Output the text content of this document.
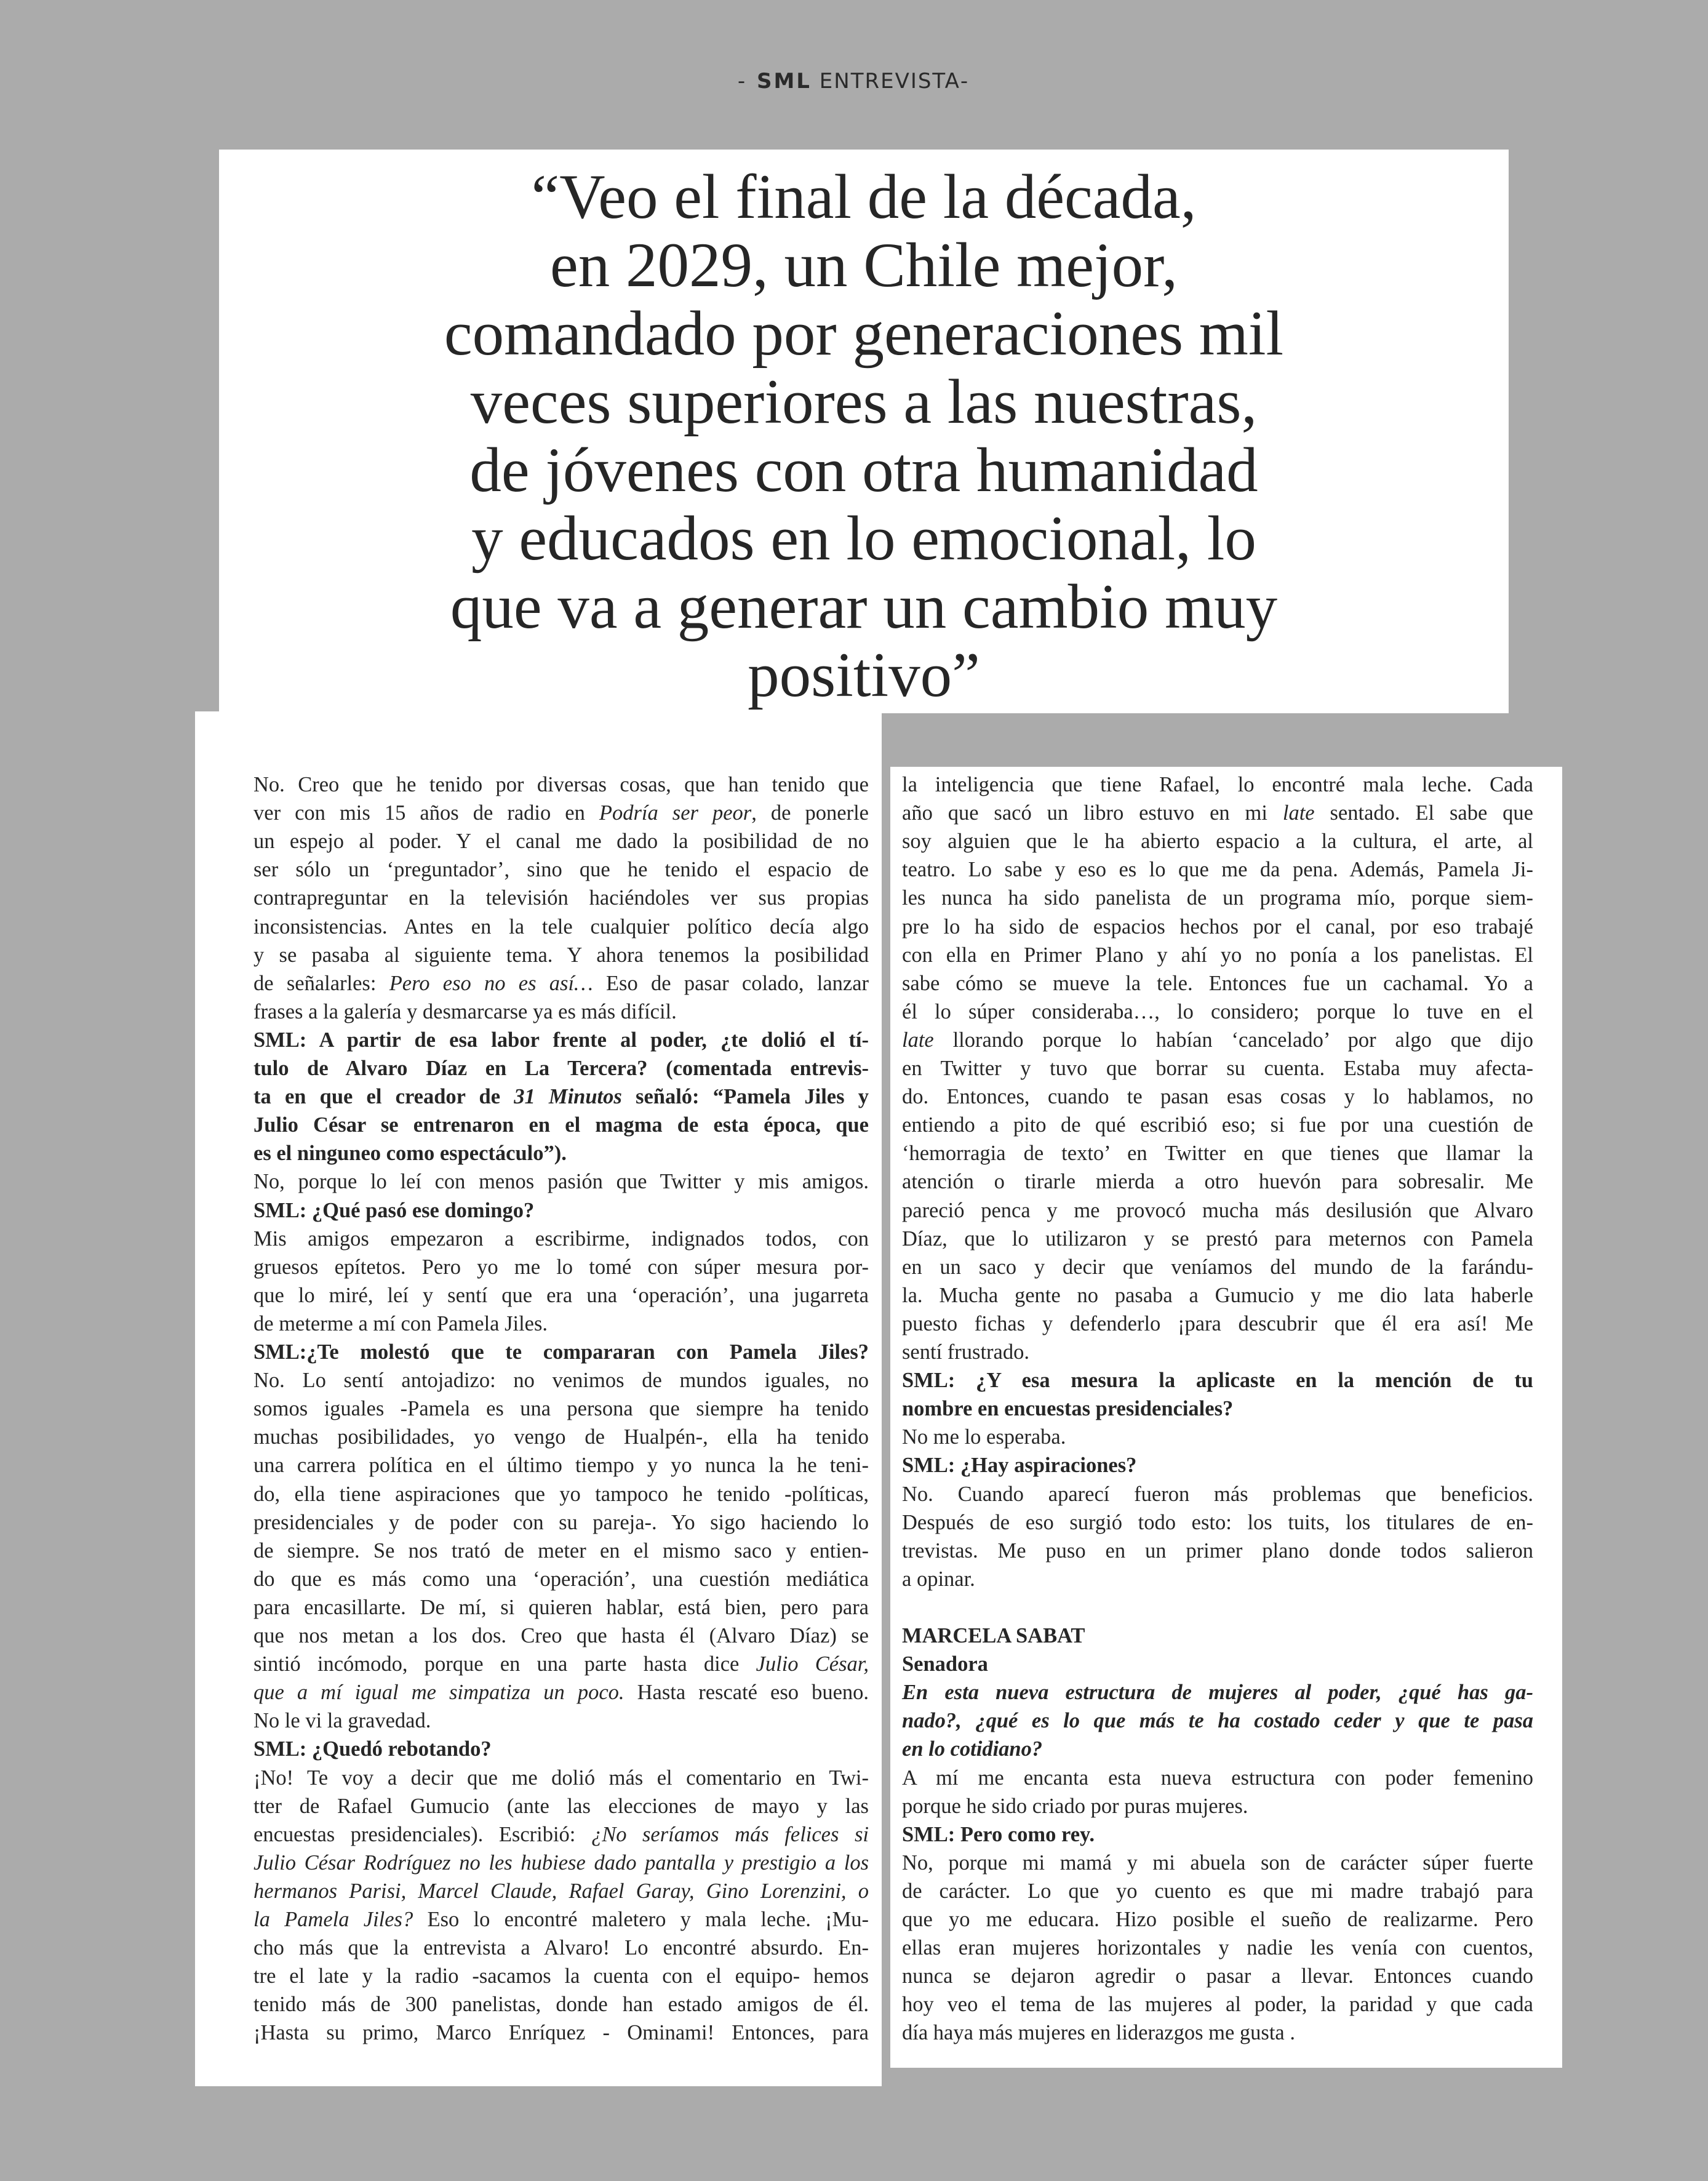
- SML ENTREVISTA-
“Veo el final de la década,
en 2029, un Chile mejor,
comandado por generaciones mil
veces superiores a las nuestras,
de jóvenes con otra humanidad
y educados en lo emocional, lo
que va a generar un cambio muy
positivo”
No. Creo que he tenido por diversas cosas, que han tenido que
ver con mis 15 años de radio en Podría ser peor, de ponerle
un espejo al poder. Y el canal me dado la posibilidad de no
ser sólo un ‘preguntador’, sino que he tenido el espacio de
contrapreguntar en la televisión haciéndoles ver sus propias
inconsistencias. Antes en la tele cualquier político decía algo
y se pasaba al siguiente tema. Y ahora tenemos la posibilidad
de señalarles: Pero eso no es así… Eso de pasar colado, lanzar
frases a la galería y desmarcarse ya es más difícil.
SML: A partir de esa labor frente al poder, ¿te dolió el tí-
tulo de Alvaro Díaz en La Tercera? (comentada entrevis-
ta en que el creador de 31 Minutos señaló: “Pamela Jiles y
Julio César se entrenaron en el magma de esta época, que
es el ninguneo como espectáculo”).
No, porque lo leí con menos pasión que Twitter y mis amigos.
SML: ¿Qué pasó ese domingo?
Mis amigos empezaron a escribirme, indignados todos, con
gruesos epítetos. Pero yo me lo tomé con súper mesura por-
que lo miré, leí y sentí que era una ‘operación’, una jugarreta
de meterme a mí con Pamela Jiles.
SML:¿Te molestó que te compararan con Pamela Jiles?
No. Lo sentí antojadizo: no venimos de mundos iguales, no
somos iguales -Pamela es una persona que siempre ha tenido
muchas posibilidades, yo vengo de Hualpén-, ella ha tenido
una carrera política en el último tiempo y yo nunca la he teni-
do, ella tiene aspiraciones que yo tampoco he tenido -políticas,
presidenciales y de poder con su pareja-. Yo sigo haciendo lo
de siempre. Se nos trató de meter en el mismo saco y entien-
do que es más como una ‘operación’, una cuestión mediática
para encasillarte. De mí, si quieren hablar, está bien, pero para
que nos metan a los dos. Creo que hasta él (Alvaro Díaz) se
sintió incómodo, porque en una parte hasta dice Julio César,
que a mí igual me simpatiza un poco. Hasta rescaté eso bueno.
No le vi la gravedad.
SML: ¿Quedó rebotando?
¡No! Te voy a decir que me dolió más el comentario en Twi-
tter de Rafael Gumucio (ante las elecciones de mayo y las
encuestas presidenciales). Escribió: ¿No seríamos más felices si
Julio César Rodríguez no les hubiese dado pantalla y prestigio a los
hermanos Parisi, Marcel Claude, Rafael Garay, Gino Lorenzini, o
la Pamela Jiles? Eso lo encontré maletero y mala leche. ¡Mu-
cho más que la entrevista a Alvaro! Lo encontré absurdo. En-
tre el late y la radio -sacamos la cuenta con el equipo- hemos
tenido más de 300 panelistas, donde han estado amigos de él.
¡Hasta su primo, Marco Enríquez - Ominami! Entonces, para
la inteligencia que tiene Rafael, lo encontré mala leche. Cada
año que sacó un libro estuvo en mi late sentado. El sabe que
soy alguien que le ha abierto espacio a la cultura, el arte, al
teatro. Lo sabe y eso es lo que me da pena. Además, Pamela Ji-
les nunca ha sido panelista de un programa mío, porque siem-
pre lo ha sido de espacios hechos por el canal, por eso trabajé
con ella en Primer Plano y ahí yo no ponía a los panelistas. El
sabe cómo se mueve la tele. Entonces fue un cachamal. Yo a
él lo súper consideraba…, lo considero; porque lo tuve en el
late llorando porque lo habían ‘cancelado’ por algo que dijo
en Twitter y tuvo que borrar su cuenta. Estaba muy afecta-
do. Entonces, cuando te pasan esas cosas y lo hablamos, no
entiendo a pito de qué escribió eso; si fue por una cuestión de
‘hemorragia de texto’ en Twitter en que tienes que llamar la
atención o tirarle mierda a otro huevón para sobresalir. Me
pareció penca y me provocó mucha más desilusión que Alvaro
Díaz, que lo utilizaron y se prestó para meternos con Pamela
en un saco y decir que veníamos del mundo de la farándu-
la. Mucha gente no pasaba a Gumucio y me dio lata haberle
puesto fichas y defenderlo ¡para descubrir que él era así! Me
sentí frustrado.
SML: ¿Y esa mesura la aplicaste en la mención de tu
nombre en encuestas presidenciales?
No me lo esperaba.
SML: ¿Hay aspiraciones?
No. Cuando aparecí fueron más problemas que beneficios.
Después de eso surgió todo esto: los tuits, los titulares de en-
trevistas. Me puso en un primer plano donde todos salieron
a opinar.
MARCELA SABAT
Senadora
En esta nueva estructura de mujeres al poder, ¿qué has ga-
nado?, ¿qué es lo que más te ha costado ceder y que te pasa
en lo cotidiano?
A mí me encanta esta nueva estructura con poder femenino
porque he sido criado por puras mujeres.
SML: Pero como rey.
No, porque mi mamá y mi abuela son de carácter súper fuerte
de carácter. Lo que yo cuento es que mi madre trabajó para
que yo me educara. Hizo posible el sueño de realizarme. Pero
ellas eran mujeres horizontales y nadie les venía con cuentos,
nunca se dejaron agredir o pasar a llevar. Entonces cuando
hoy veo el tema de las mujeres al poder, la paridad y que cada
día haya más mujeres en liderazgos me gusta .
